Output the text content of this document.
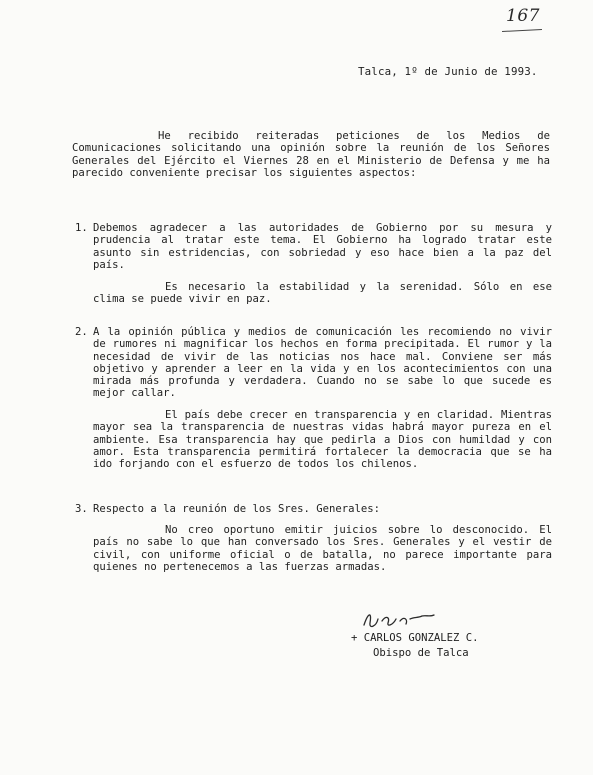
167
Talca, 1º de Junio de 1993.

He recibido reiteradas peticiones de los Medios de Comunicaciones solicitando una opinión sobre la reunión de los Señores Generales del Ejército el Viernes 28 en el Ministerio de Defensa y me ha parecido conveniente precisar los siguientes aspectos:

1. Debemos agradecer a las autoridades de Gobierno por su mesura y prudencia al tratar este tema. El Gobierno ha logrado tratar este asunto sin estridencias, con sobriedad y eso hace bien a la paz del país.

Es necesario la estabilidad y la serenidad. Sólo en ese clima se puede vivir en paz.

2. A la opinión pública y medios de comunicación les recomiendo no vivir de rumores ni magnificar los hechos en forma precipitada. El rumor y la necesidad de vivir de las noticias nos hace mal. Conviene ser más objetivo y aprender a leer en la vida y en los acontecimientos con una mirada más profunda y verdadera. Cuando no se sabe lo que sucede es mejor callar.

El país debe crecer en transparencia y en claridad. Mientras mayor sea la transparencia de nuestras vidas habrá mayor pureza en el ambiente. Esa transparencia hay que pedirla a Dios con humildad y con amor. Esta transparencia permitirá fortalecer la democracia que se ha ido forjando con el esfuerzo de todos los chilenos.

3. Respecto a la reunión de los Sres. Generales:

No creo oportuno emitir juicios sobre lo desconocido. El país no sabe lo que han conversado los Sres. Generales y el vestir de civil, con uniforme oficial o de batalla, no parece importante para quienes no pertenecemos a las fuerzas armadas.

+ CARLOS GONZALEZ C.
Obispo de Talca
